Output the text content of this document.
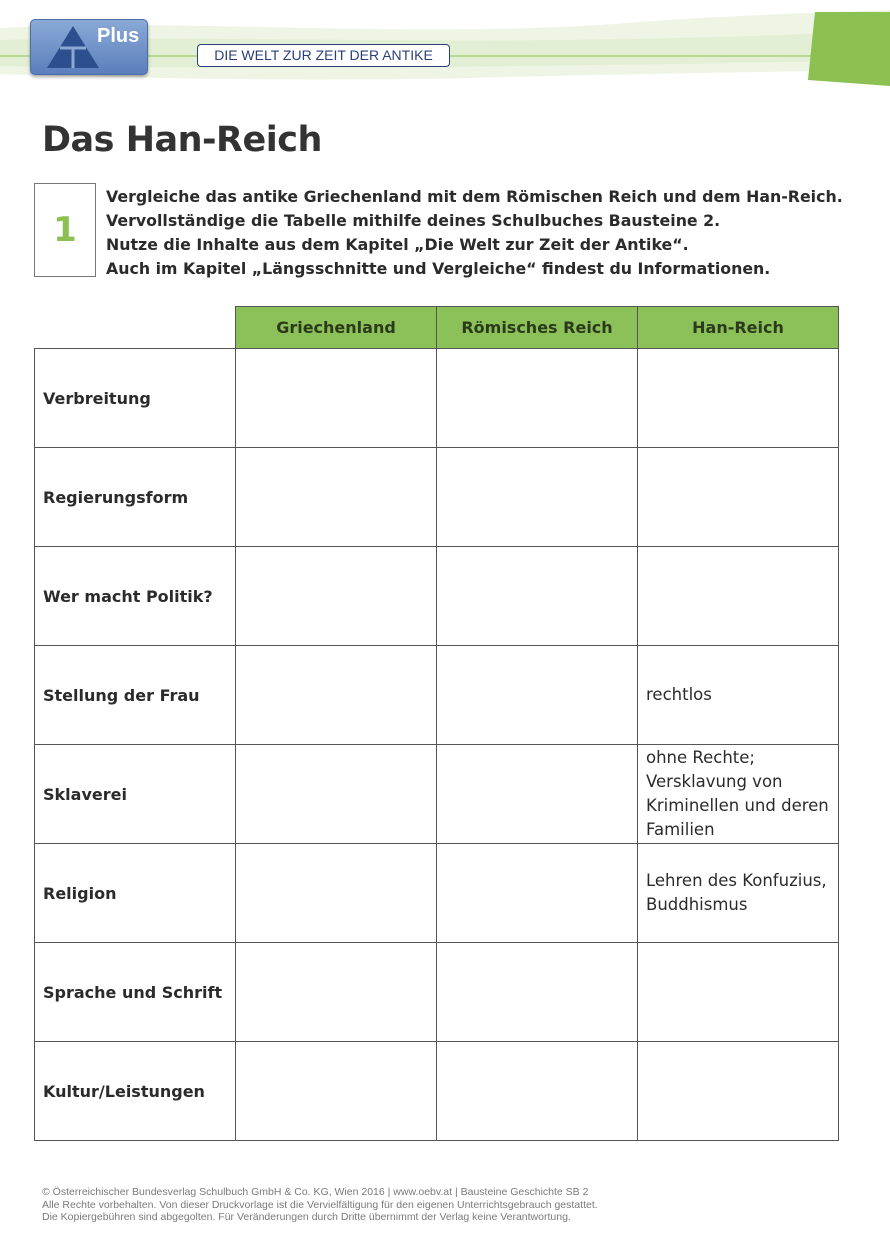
Plus
DIE WELT ZUR ZEIT DER ANTIKE
Das Han-Reich
1
Vergleiche das antike Griechenland mit dem Römischen Reich und dem Han-Reich.
Vervollständige die Tabelle mithilfe deines Schulbuches Bausteine 2.
Nutze die Inhalte aus dem Kapitel „Die Welt zur Zeit der Antike“.
Auch im Kapitel „Längsschnitte und Vergleiche“ findest du Informationen.
	Griechenland	Römisches Reich	Han-Reich
Verbreitung			
Regierungsform			
Wer macht Politik?			
Stellung der Frau			rechtlos
Sklaverei			ohne Rechte; Versklavung von Kriminellen und deren Familien
Religion			Lehren des Konfuzius, Buddhismus
Sprache und Schrift			
Kultur/Leistungen			
© Österreichischer Bundesverlag Schulbuch GmbH & Co. KG, Wien 2016 | www.oebv.at | Bausteine Geschichte SB 2
Alle Rechte vorbehalten. Von dieser Druckvorlage ist die Vervielfältigung für den eigenen Unterrichtsgebrauch gestattet.
Die Kopiergebühren sind abgegolten. Für Veränderungen durch Dritte übernimmt der Verlag keine Verantwortung.
